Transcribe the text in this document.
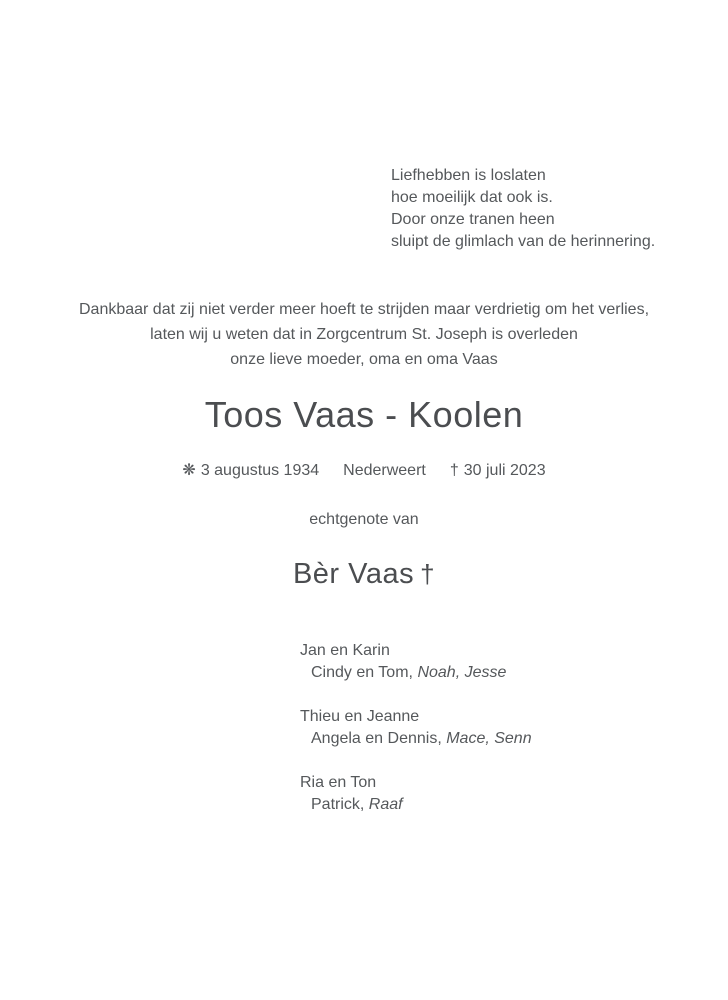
Liefhebben is loslaten
hoe moeilijk dat ook is.
Door onze tranen heen
sluipt de glimlach van de herinnering.
Dankbaar dat zij niet verder meer hoeft te strijden maar verdrietig om het verlies,
laten wij u weten dat in Zorgcentrum St. Joseph is overleden
onze lieve moeder, oma en oma Vaas
Toos Vaas - Koolen
❋ 3 augustus 1934 Nederweert † 30 juli 2023
echtgenote van
Bèr Vaas †
Jan en Karin
Cindy en Tom, Noah, Jesse
Thieu en Jeanne
Angela en Dennis, Mace, Senn
Ria en Ton
Patrick, Raaf
